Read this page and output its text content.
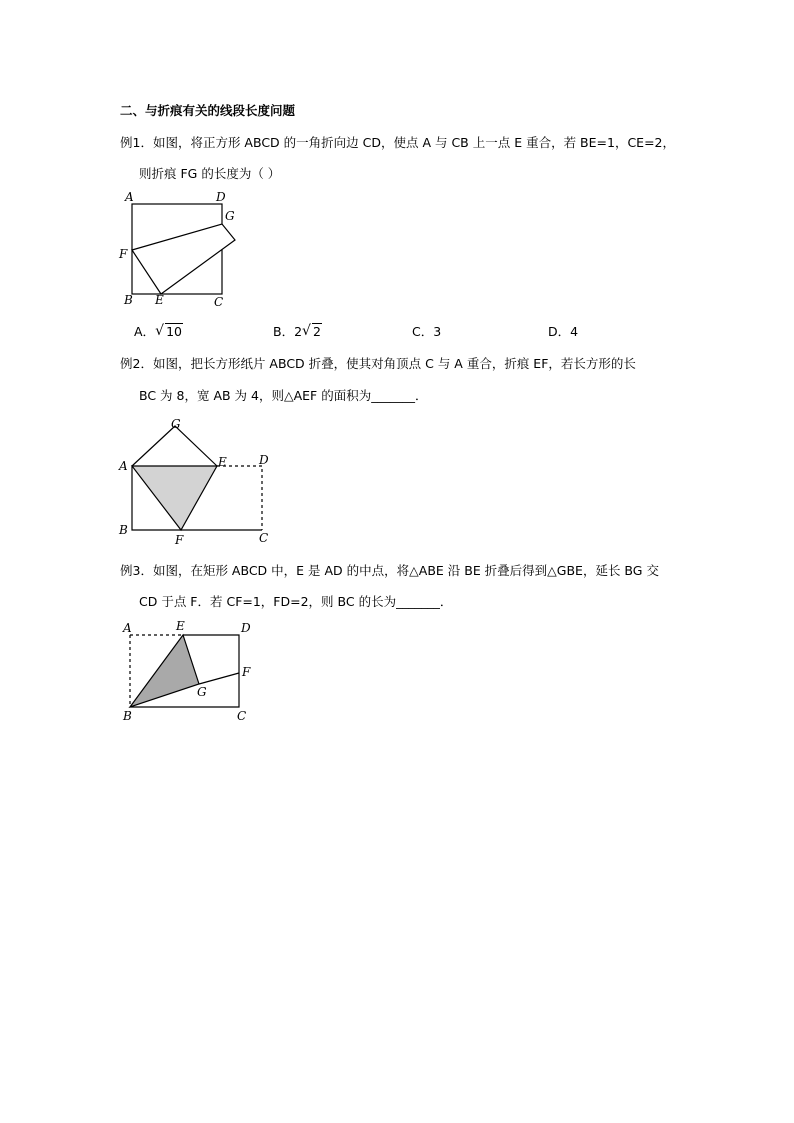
二、与折痕有关的线段长度问题
例1．如图，将正方形 ABCD 的一角折向边 CD，使点 A 与 CB 上一点 E 重合，若 BE=1，CE=2，
则折痕 FG 的长度为（ ）
A	D
G
F
B E	C
A． √ 10	B．2 √ 2	C．3	D．4
例2．如图，把长方形纸片 ABCD 折叠，使其对角顶点 C 与 A 重合，折痕 EF，若长方形的长
BC 为 8，宽 AB 为 4，则△AEF 的面积为_______．
G
A	E	D
B
F	C
例3．如图，在矩形 ABCD 中，E 是 AD 的中点，将△ABE 沿 BE 折叠后得到△GBE，延长 BG 交
CD 于点 F．若 CF=1，FD=2，则 BC 的长为_______．
A	E	D
F
G
B	C
